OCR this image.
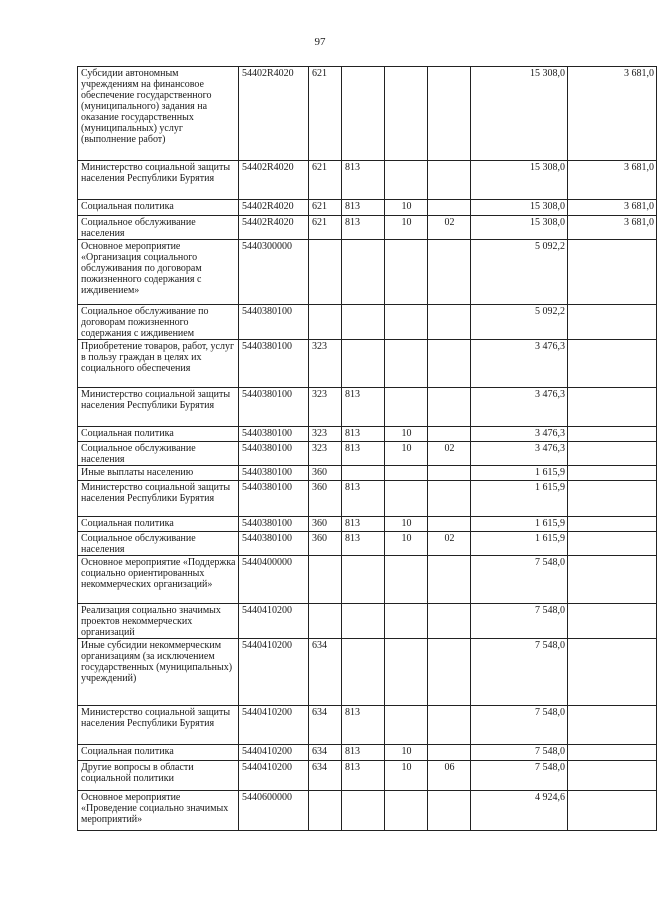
97
Субсидии автономным учреждениям на финансовое обеспечение государственного (муниципального) задания на оказание государственных (муниципальных) услуг (выполнение работ)	54402R4020	621				15 308,0	3 681,0
Министерство социальной защиты населения Республики Бурятия	54402R4020	621	813			15 308,0	3 681,0
Социальная политика	54402R4020	621	813	10		15 308,0	3 681,0
Социальное обслуживание населения	54402R4020	621	813	10	02	15 308,0	3 681,0
Основное мероприятие «Организация социального обслуживания по договорам пожизненного содержания с иждивением»	5440300000					5 092,2	
Социальное обслуживание по договорам пожизненного содержания с иждивением	5440380100					5 092,2	
Приобретение товаров, работ, услуг в пользу граждан в целях их социального обеспечения	5440380100	323				3 476,3	
Министерство социальной защиты населения Республики Бурятия	5440380100	323	813			3 476,3	
Социальная политика	5440380100	323	813	10		3 476,3	
Социальное обслуживание населения	5440380100	323	813	10	02	3 476,3	
Иные выплаты населению	5440380100	360				1 615,9	
Министерство социальной защиты населения Республики Бурятия	5440380100	360	813			1 615,9	
Социальная политика	5440380100	360	813	10		1 615,9	
Социальное обслуживание населения	5440380100	360	813	10	02	1 615,9	
Основное мероприятие «Поддержка социально ориентированных некоммерческих организаций»	5440400000					7 548,0	
Реализация социально значимых проектов некоммерческих организаций	5440410200					7 548,0	
Иные субсидии некоммерческим организациям (за исключением государственных (муниципальных) учреждений)	5440410200	634				7 548,0	
Министерство социальной защиты населения Республики Бурятия	5440410200	634	813			7 548,0	
Социальная политика	5440410200	634	813	10		7 548,0	
Другие вопросы в области социальной политики	5440410200	634	813	10	06	7 548,0	
Основное мероприятие «Проведение социально значимых мероприятий»	5440600000					4 924,6	
